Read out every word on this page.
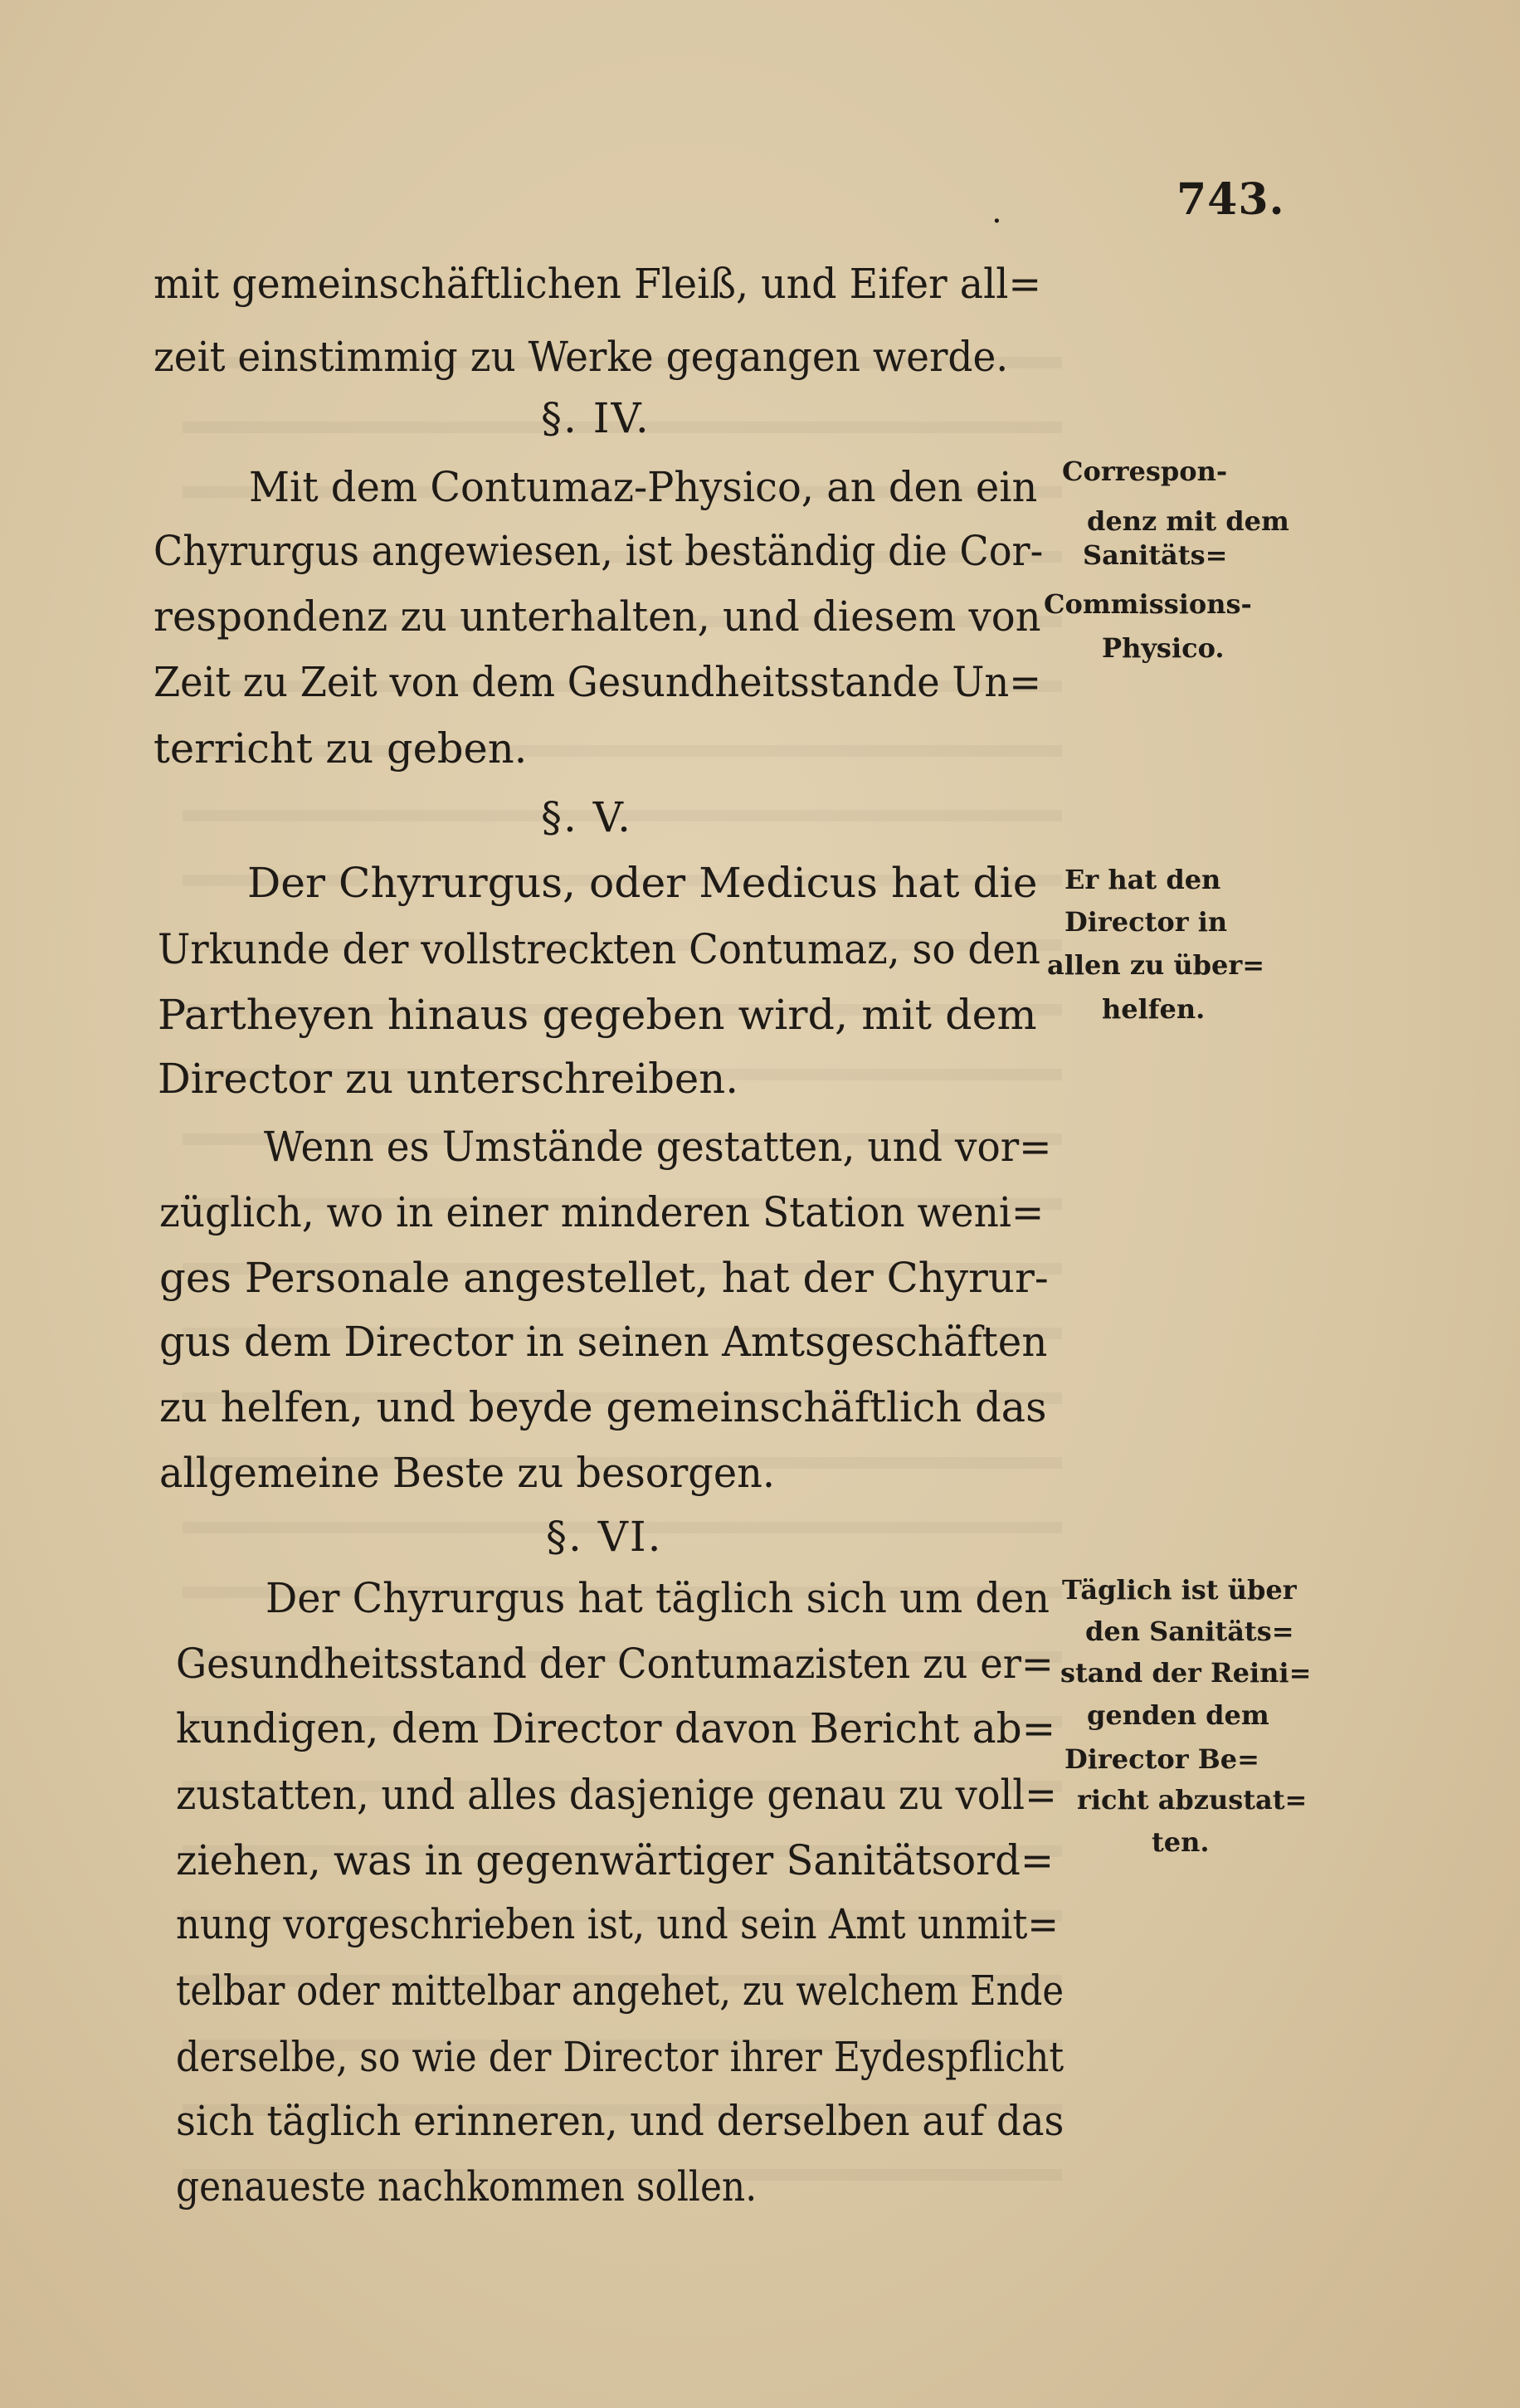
.	743.
mit gemeinschäftlichen Fleiß, und Eifer all=
zeit einstimmig zu Werke gegangen werde.
§. IV.
Mit dem Contumaz-Physico, an den ein
Chyrurgus angewiesen, ist beständig die Cor-
respondenz zu unterhalten, und diesem von
Zeit zu Zeit von dem Gesundheitsstande Un=
terricht zu geben.
§. V.
Der Chyrurgus, oder Medicus hat die
Urkunde der vollstreckten Contumaz, so den
Partheyen hinaus gegeben wird, mit dem
Director zu unterschreiben.
Wenn es Umstände gestatten, und vor=
züglich, wo in einer minderen Station weni=
ges Personale angestellet, hat der Chyrur-
gus dem Director in seinen Amtsgeschäften
zu helfen, und beyde gemeinschäftlich das
allgemeine Beste zu besorgen.
§. VI.
Der Chyrurgus hat täglich sich um den
Gesundheitsstand der Contumazisten zu er=
kundigen, dem Director davon Bericht ab=
zustatten, und alles dasjenige genau zu voll=
ziehen, was in gegenwärtiger Sanitätsord=
nung vorgeschrieben ist, und sein Amt unmit=
telbar oder mittelbar angehet, zu welchem Ende
derselbe, so wie der Director ihrer Eydespflicht
sich täglich erinneren, und derselben auf das
genaueste nachkommen sollen.
Correspon-
denz mit dem
Sanitäts=
Commissions-
Physico.
Er hat den
Director in
allen zu über=
helfen.
Täglich ist über
den Sanitäts=
stand der Reini=
genden dem
Director Be=
richt abzustat=
ten.
